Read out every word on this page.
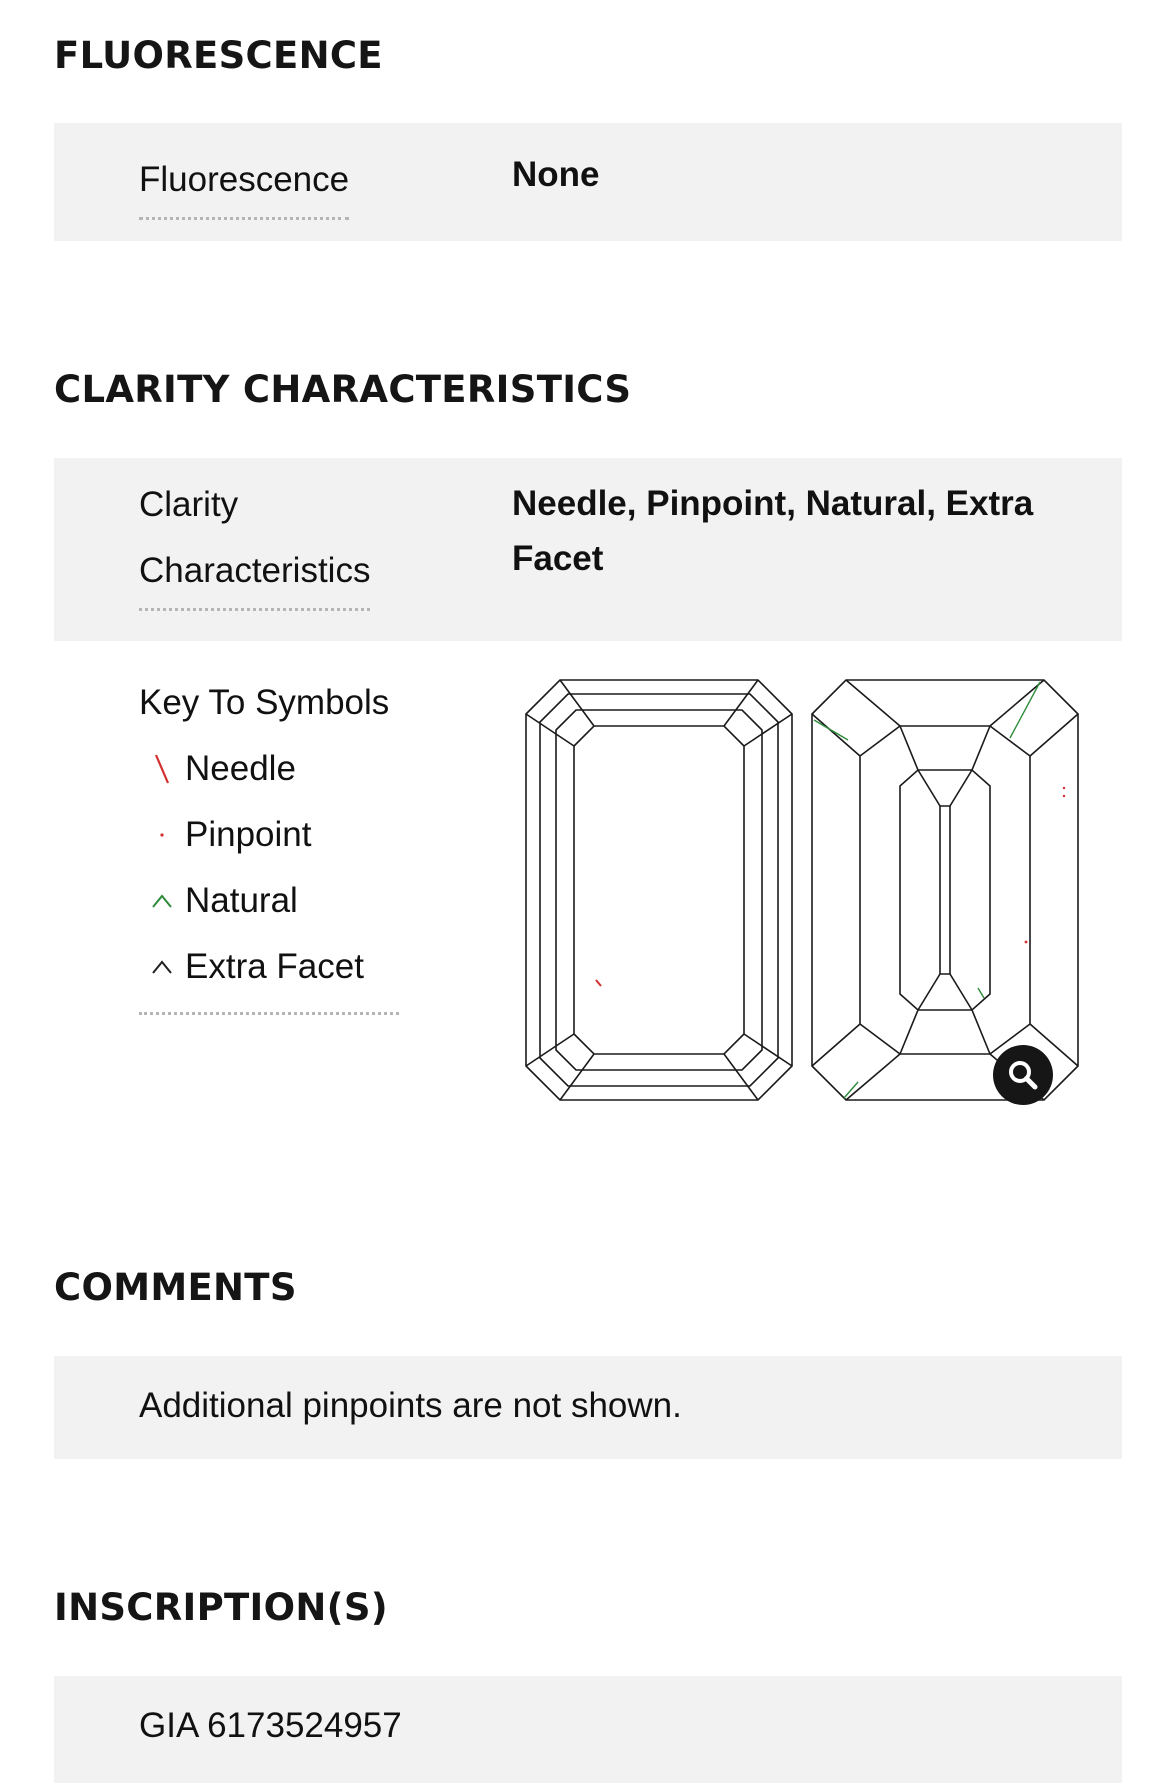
FLUORESCENCE
Fluorescence	None
CLARITY CHARACTERISTICS
Clarity
Characteristics
Needle, Pinpoint, Natural, Extra
Facet
Key To Symbols
Needle
Pinpoint
Natural
Extra Facet
COMMENTS
Additional pinpoints are not shown.
INSCRIPTION(S)
GIA 6173524957
